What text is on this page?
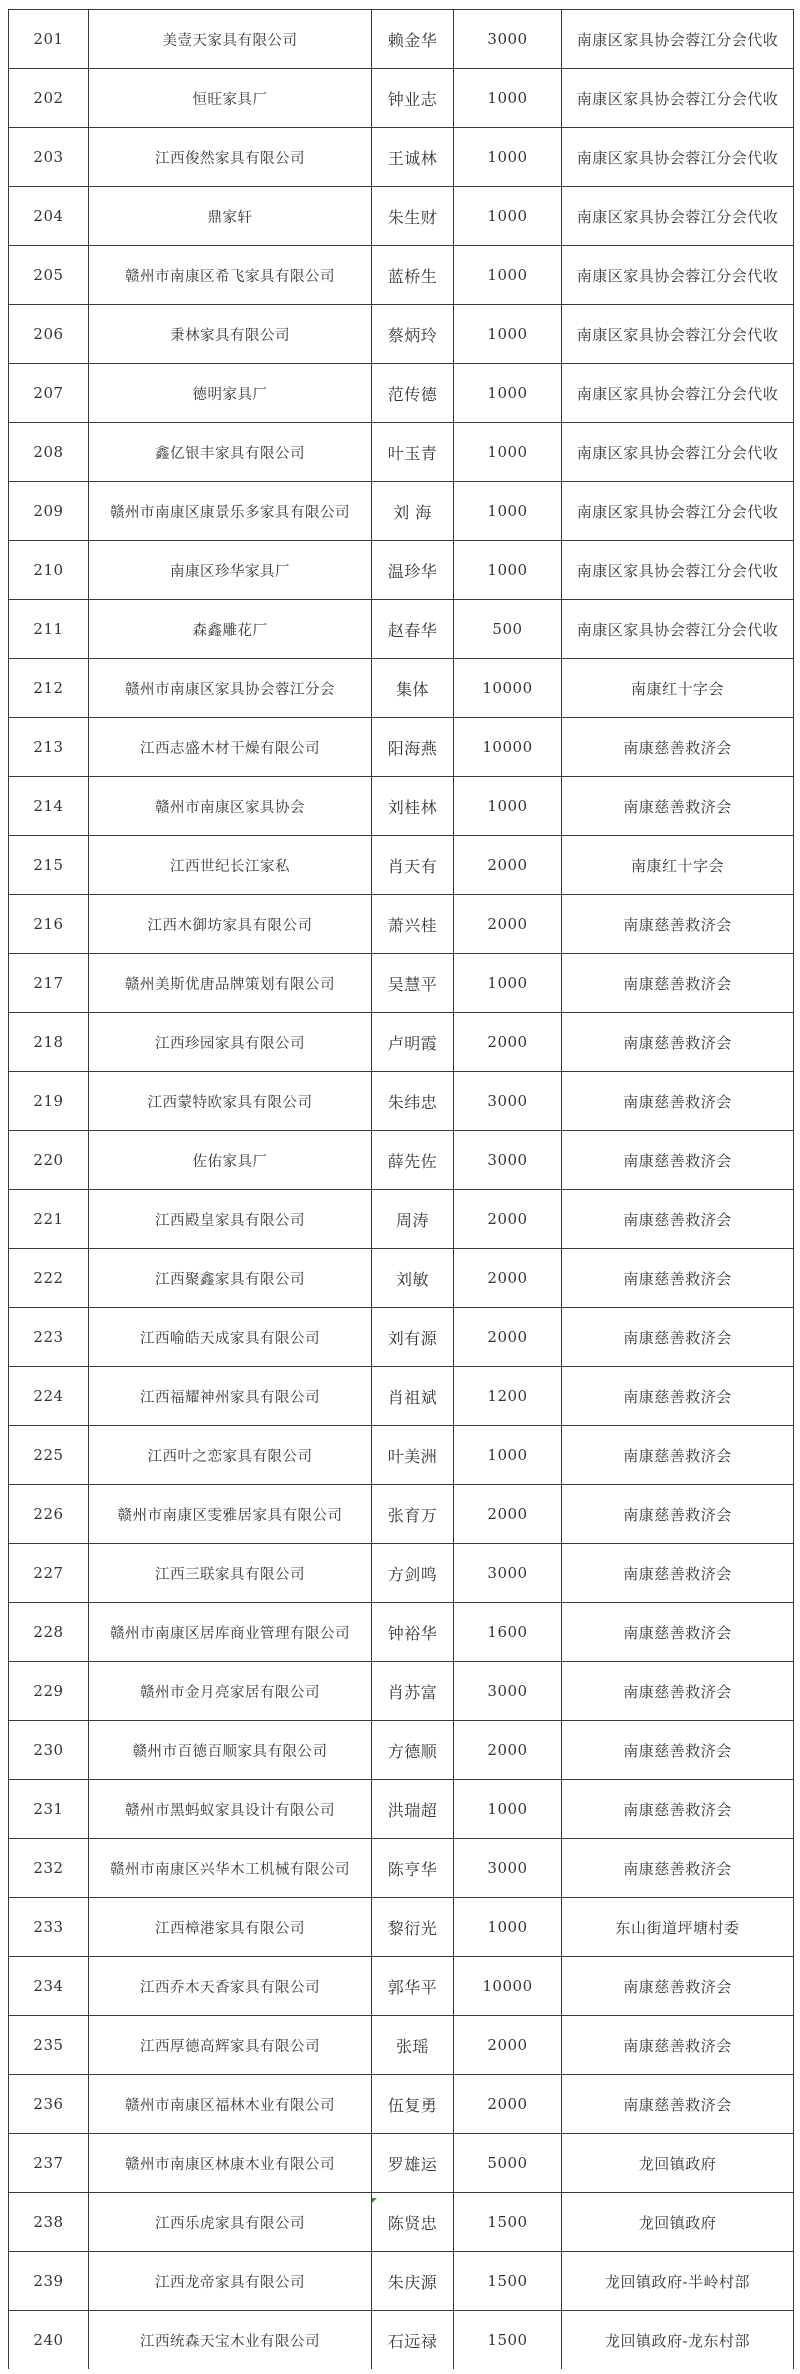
201	美壹天家具有限公司	赖金华	3000	南康区家具协会蓉江分会代收
202	恒旺家具厂	钟业志	1000	南康区家具协会蓉江分会代收
203	江西俊然家具有限公司	王诚林	1000	南康区家具协会蓉江分会代收
204	鼎家轩	朱生财	1000	南康区家具协会蓉江分会代收
205	赣州市南康区希飞家具有限公司	蓝桥生	1000	南康区家具协会蓉江分会代收
206	秉林家具有限公司	蔡炳玲	1000	南康区家具协会蓉江分会代收
207	德明家具厂	范传德	1000	南康区家具协会蓉江分会代收
208	鑫亿银丰家具有限公司	叶玉青	1000	南康区家具协会蓉江分会代收
209	赣州市南康区康景乐多家具有限公司	刘 海	1000	南康区家具协会蓉江分会代收
210	南康区珍华家具厂	温珍华	1000	南康区家具协会蓉江分会代收
211	森鑫雕花厂	赵春华	500	南康区家具协会蓉江分会代收
212	赣州市南康区家具协会蓉江分会	集体	10000	南康红十字会
213	江西志盛木材干燥有限公司	阳海燕	10000	南康慈善救济会
214	赣州市南康区家具协会	刘桂林	1000	南康慈善救济会
215	江西世纪长江家私	肖天有	2000	南康红十字会
216	江西木御坊家具有限公司	萧兴桂	2000	南康慈善救济会
217	赣州美斯优唐品牌策划有限公司	吴慧平	1000	南康慈善救济会
218	江西珍园家具有限公司	卢明霞	2000	南康慈善救济会
219	江西蒙特欧家具有限公司	朱纬忠	3000	南康慈善救济会
220	佐佑家具厂	薛先佐	3000	南康慈善救济会
221	江西殿皇家具有限公司	周涛	2000	南康慈善救济会
222	江西聚鑫家具有限公司	刘敏	2000	南康慈善救济会
223	江西喻皓天成家具有限公司	刘有源	2000	南康慈善救济会
224	江西福耀神州家具有限公司	肖祖斌	1200	南康慈善救济会
225	江西叶之恋家具有限公司	叶美洲	1000	南康慈善救济会
226	赣州市南康区雯雅居家具有限公司	张育万	2000	南康慈善救济会
227	江西三联家具有限公司	方剑鸣	3000	南康慈善救济会
228	赣州市南康区居库商业管理有限公司	钟裕华	1600	南康慈善救济会
229	赣州市金月亮家居有限公司	肖苏富	3000	南康慈善救济会
230	赣州市百德百顺家具有限公司	方德顺	2000	南康慈善救济会
231	赣州市黑蚂蚁家具设计有限公司	洪瑞超	1000	南康慈善救济会
232	赣州市南康区兴华木工机械有限公司	陈亨华	3000	南康慈善救济会
233	江西樟港家具有限公司	黎衍光	1000	东山街道坪塘村委
234	江西乔木天香家具有限公司	郭华平	10000	南康慈善救济会
235	江西厚德高辉家具有限公司	张瑶	2000	南康慈善救济会
236	赣州市南康区福林木业有限公司	伍复勇	2000	南康慈善救济会
237	赣州市南康区林康木业有限公司	罗雄运	5000	龙回镇政府
238	江西乐虎家具有限公司	陈贤忠	1500	龙回镇政府
239	江西龙帝家具有限公司	朱庆源	1500	龙回镇政府-半岭村部
240	江西统森天宝木业有限公司	石远禄	1500	龙回镇政府-龙东村部
